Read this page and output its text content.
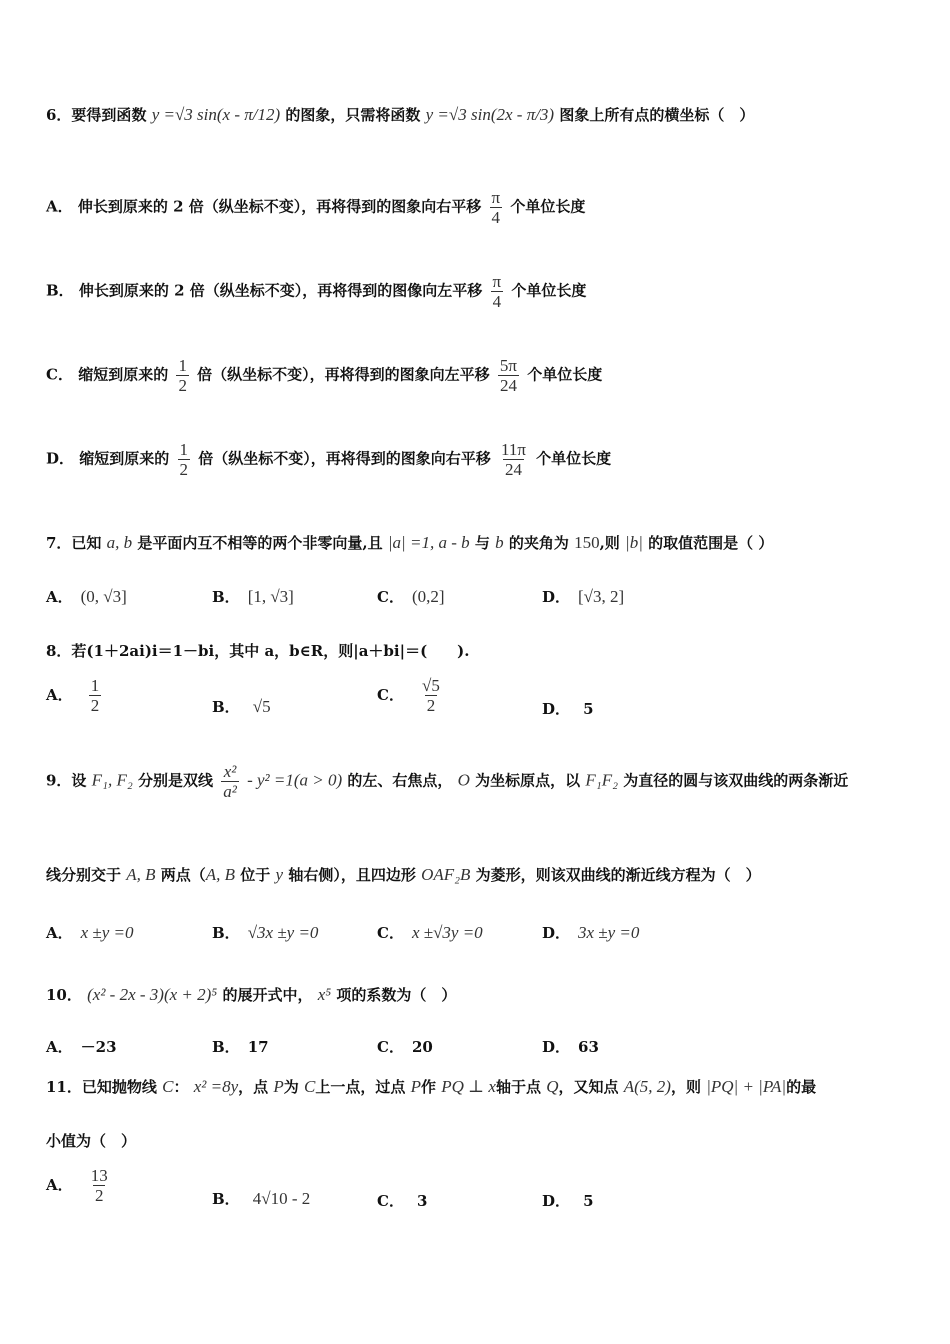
6．要得到函数 y =√3 sin(x - π/12) 的图象，只需将函数 y =√3 sin(2x - π/3) 图象上所有点的横坐标（　）
A． 伸长到原来的 2 倍（纵坐标不变），再将得到的图象向右平移 $\frac{\pi}{4}$ 个单位长度
B． 伸长到原来的 2 倍（纵坐标不变），再将得到的图像向左平移 $\frac{\pi}{4}$ 个单位长度
C． 缩短到原来的 $\frac{1}{2}$ 倍（纵坐标不变），再将得到的图象向左平移 $\frac{5\pi}{24}$ 个单位长度
D． 缩短到原来的 $\frac{1}{2}$ 倍（纵坐标不变），再将得到的图象向右平移 $\frac{11\pi}{24}$ 个单位长度
7．已知 a, b 是平面内互不相等的两个非零向量,且 |a| =1, a - b 与 b 的夹角为 150,则 |b| 的取值范围是（ ）
A． (0, √3]	B． [1, √3]	C． (0,2]	D． [√3, 2]
8．若(1＋2ai)i＝1－bi，其中 a，b∈R，则|a＋bi|＝(　　).
A． $\frac{1}{2}$	B． √5
C． $\frac{√5}{2}$	D． 5
9．设 F₁, F₂ 分别是双线 $\frac{\text{x²}}{\text{a²}} - y^2 =1(a > 0)$ 的左、右焦点， O 为坐标原点，以 F₁F₂ 为直径的圆与该双曲线的两条渐近
线分别交于 A, B 两点（A, B 位于 y 轴右侧），且四边形 OAF₂B 为菱形，则该双曲线的渐近线方程为（　）
A． x ±y =0	B． √3x ±y =0	C． x ±√3y =0	D． 3x ±y =0
10． (x² - 2x - 3)(x + 2)⁵ 的展开式中， x⁵ 项的系数为（　）
A． －23	B． 17	C． 20	D． 63
11．已知抛物线 C： x² =8y，点 P为 C上一点，过点 P作 PQ ⊥ x轴于点 Q，又知点 A(5, 2)，则 |PQ| + |PA|的最
小值为（　）
A． $\frac{13}{2}$	B． 4√10 - 2	C． 3	D． 5
